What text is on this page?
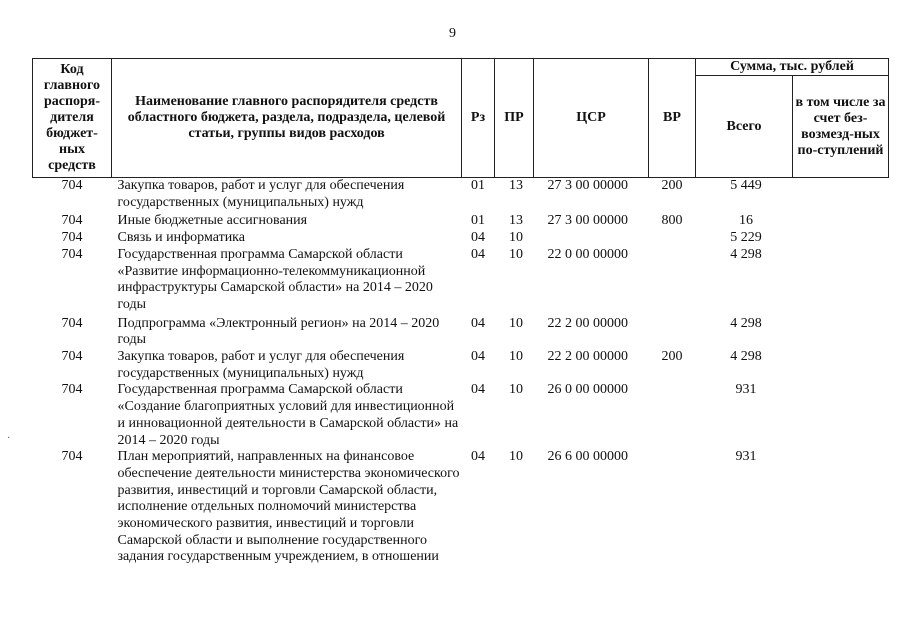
9
Код главного распоря-дителя бюджет-ных средств	Наименование главного распорядителя средств областного бюджета, раздела, подраздела, целевой статьи, группы видов расходов	Рз	ПР	ЦСР	ВР	Сумма, тыс. рублей	
						Всего	в том числе за счет без-возмезд-ных по-ступлений
704	Закупка товаров, работ и услуг для обеспечения государственных (муниципальных) нужд	01	13	27 3 00 00000	200	5 449	
704	Иные бюджетные ассигнования	01	13	27 3 00 00000	800	16	
704	Связь и информатика	04	10			5 229	
704	Государственная программа Самарской области «Развитие информационно-телекоммуникационной инфраструктуры Самарской области» на 2014 – 2020 годы	04	10	22 0 00 00000		4 298	
704	Подпрограмма «Электронный регион» на 2014 – 2020 годы	04	10	22 2 00 00000		4 298	
704	Закупка товаров, работ и услуг для обеспечения государственных (муниципальных) нужд	04	10	22 2 00 00000	200	4 298	
704	Государственная программа Самарской области «Создание благоприятных условий для инвестиционной и инновационной деятельности в Самарской области» на 2014 – 2020 годы	04	10	26 0 00 00000		931	
704	План мероприятий, направленных на финансовое обеспечение деятельности министерства экономического развития, инвестиций и торговли Самарской области, исполнение отдельных полномочий министерства экономического развития, инвестиций и торговли Самарской области и выполнение государственного задания государственным учреждением, в отношении	04	10	26 6 00 00000		931	
·
